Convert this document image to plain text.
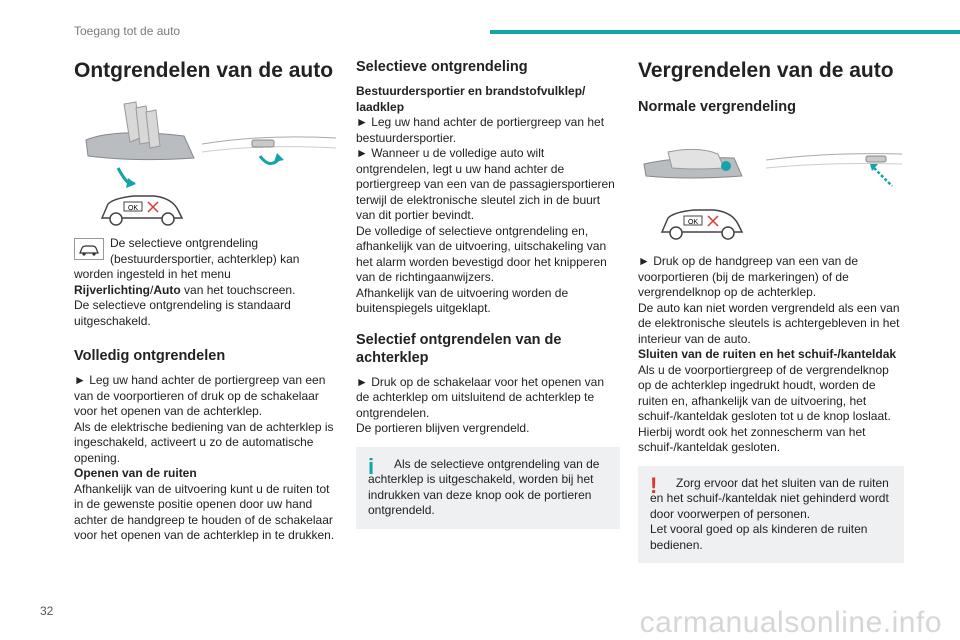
Toegang tot de auto
Ontgrendelen van de auto
OK

De selectieve ontgrendeling
(bestuurdersportier, achterklep) kan
worden ingesteld in het menu
Rijverlichting/Auto van het touchscreen.

De selectieve ontgrendeling is standaard uitgeschakeld.

Volledig ontgrendelen

► Leg uw hand achter de portiergreep van een van de voorportieren of druk op de schakelaar voor het openen van de achterklep.

Als de elektrische bediening van de achterklep is ingeschakeld, activeert u zo de automatische opening.

Openen van de ruiten

Afhankelijk van de uitvoering kunt u de ruiten tot in de gewenste positie openen door uw hand achter de handgreep te houden of de schakelaar voor het openen van de achterklep in te drukken.

Selectieve ontgrendeling

Bestuurdersportier en brandstofvulklep/ laadklep

► Leg uw hand achter de portiergreep van het bestuurdersportier.

► Wanneer u de volledige auto wilt ontgrendelen, legt u uw hand achter de portiergreep van een van de passagiersportieren terwijl de elektronische sleutel zich in de buurt van dit portier bevindt.

De volledige of selectieve ontgrendeling en, afhankelijk van de uitvoering, uitschakeling van het alarm worden bevestigd door het knipperen van de richtingaanwijzers.

Afhankelijk van de uitvoering worden de buitenspiegels uitgeklapt.

Selectief ontgrendelen van de achterklep

► Druk op de schakelaar voor het openen van de achterklep om uitsluitend de achterklep te ontgrendelen.

De portieren blijven vergrendeld.

i	Als de selectieve ontgrendeling van de achterklep is uitgeschakeld, worden bij het indrukken van deze knop ook de portieren ontgrendeld.

Vergrendelen van de auto
Normale vergrendeling
OK

► Druk op de handgreep van een van de voorportieren (bij de markeringen) of de vergrendelknop op de achterklep.

De auto kan niet worden vergrendeld als een van de elektronische sleutels is achtergebleven in het interieur van de auto.

Sluiten van de ruiten en het schuif-/kanteldak

Als u de voorportiergreep of de vergrendelknop op de achterklep ingedrukt houdt, worden de ruiten en, afhankelijk van de uitvoering, het schuif-/kanteldak gesloten tot u de knop loslaat.

Hierbij wordt ook het zonnescherm van het schuif-/kanteldak gesloten.

!	Zorg ervoor dat het sluiten van de ruiten en het schuif-/kanteldak niet gehinderd wordt door voorwerpen of personen.

Let vooral goed op als kinderen de ruiten bedienen.

32	carmanualsonline.info
